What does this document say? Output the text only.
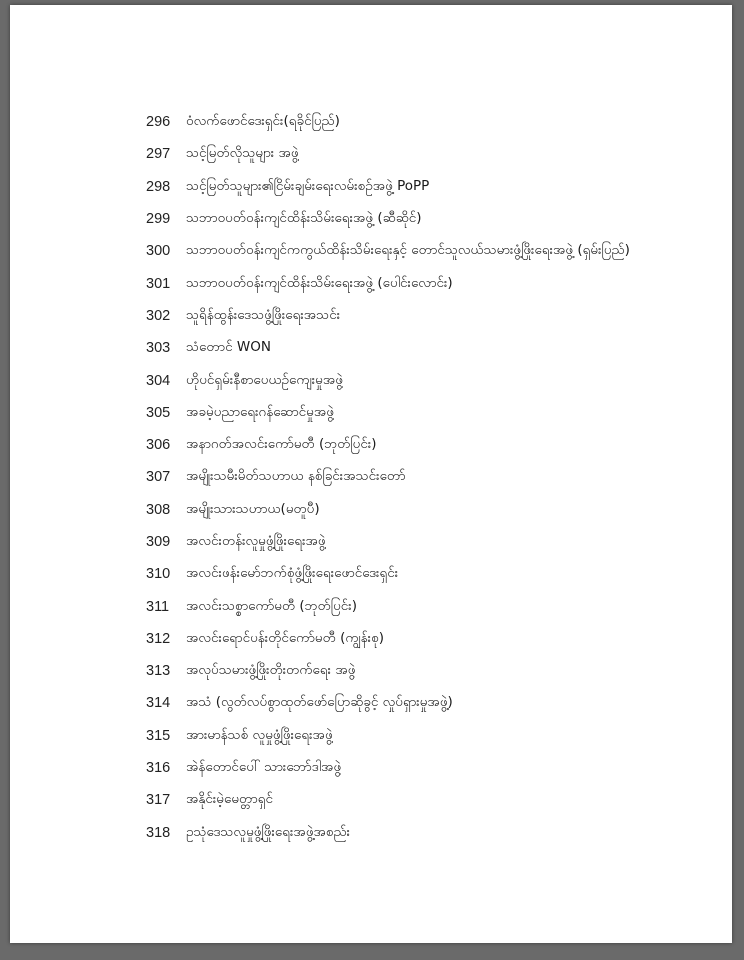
296	ဝံလက်ဖောင်ဒေးရှင်း(ရခိုင်ပြည်)
297	သင့်မြတ်လိုသူများ အဖွဲ့
298	သင့်မြတ်သူများ၏ငြိမ်းချမ်းရေးလမ်းစဉ်အဖွဲ့ PoPP
299	သဘာဝပတ်ဝန်းကျင်ထိန်းသိမ်းရေးအဖွဲ့ (ဆီဆိုင်)
300	သဘာဝပတ်ဝန်းကျင်ကကွယ်ထိန်းသိမ်းရေးနှင့် တောင်သူလယ်သမားဖွံ့ဖြိုးရေးအဖွဲ့ (ရှမ်းပြည်)
301	သဘာဝပတ်ဝန်းကျင်ထိန်းသိမ်းရေးအဖွဲ့ (ပေါင်းလောင်း)
302	သူရိန်ထွန်းဒေသဖွံ့ဖြိုးရေးအသင်း
303	သံတောင် WON
304	ဟိုပင်ရှမ်းနီစာပေယဉ်ကျေးမှုအဖွဲ့
305	အခမဲ့ပညာရေးဂန်ဆောင်မှုအဖွဲ့
306	အနာဂတ်အလင်းကော်မတီ (ဘုတ်ပြင်း)
307	အမျိုးသမီးမိတ်သဟာယ နစ်ခြင်းအသင်းတော်
308	အမျိုးသားသဟာယ(မတူပီ)
309	အလင်းတန်းလူမှုဖွံ့ဖြိုးရေးအဖွဲ့
310	အလင်းဖန်းမော်ဘက်စုံဖွံ့ဖြိုးရေးဖောင်ဒေးရှင်း
311	အလင်းသစ္စာကော်မတီ (ဘုတ်ပြင်း)
312	အလင်းရောင်ပန်းတိုင်ကော်မတီ (ကျွန်းစု)
313	အလုပ်သမားဖွံ့ဖြိုးတိုးတက်ရေး အဖွဲ့
314	အသံ (လွတ်လပ်စွာထုတ်ဖော်ပြောဆိုခွင့် လှုပ်ရှားမှုအဖွဲ့)
315	အားမာန်သစ် လူမှုဖွံ့ဖြိုးရေးအဖွဲ့
316	အဲန်တောင်ပေါ် သားဘော်ဒါအဖွဲ့
317	အနိုင်းမဲ့မေတ္တာရှင်
318	ဥသုံဒေသလူမှုဖွံ့ဖြိုးရေးအဖွဲ့အစည်း
